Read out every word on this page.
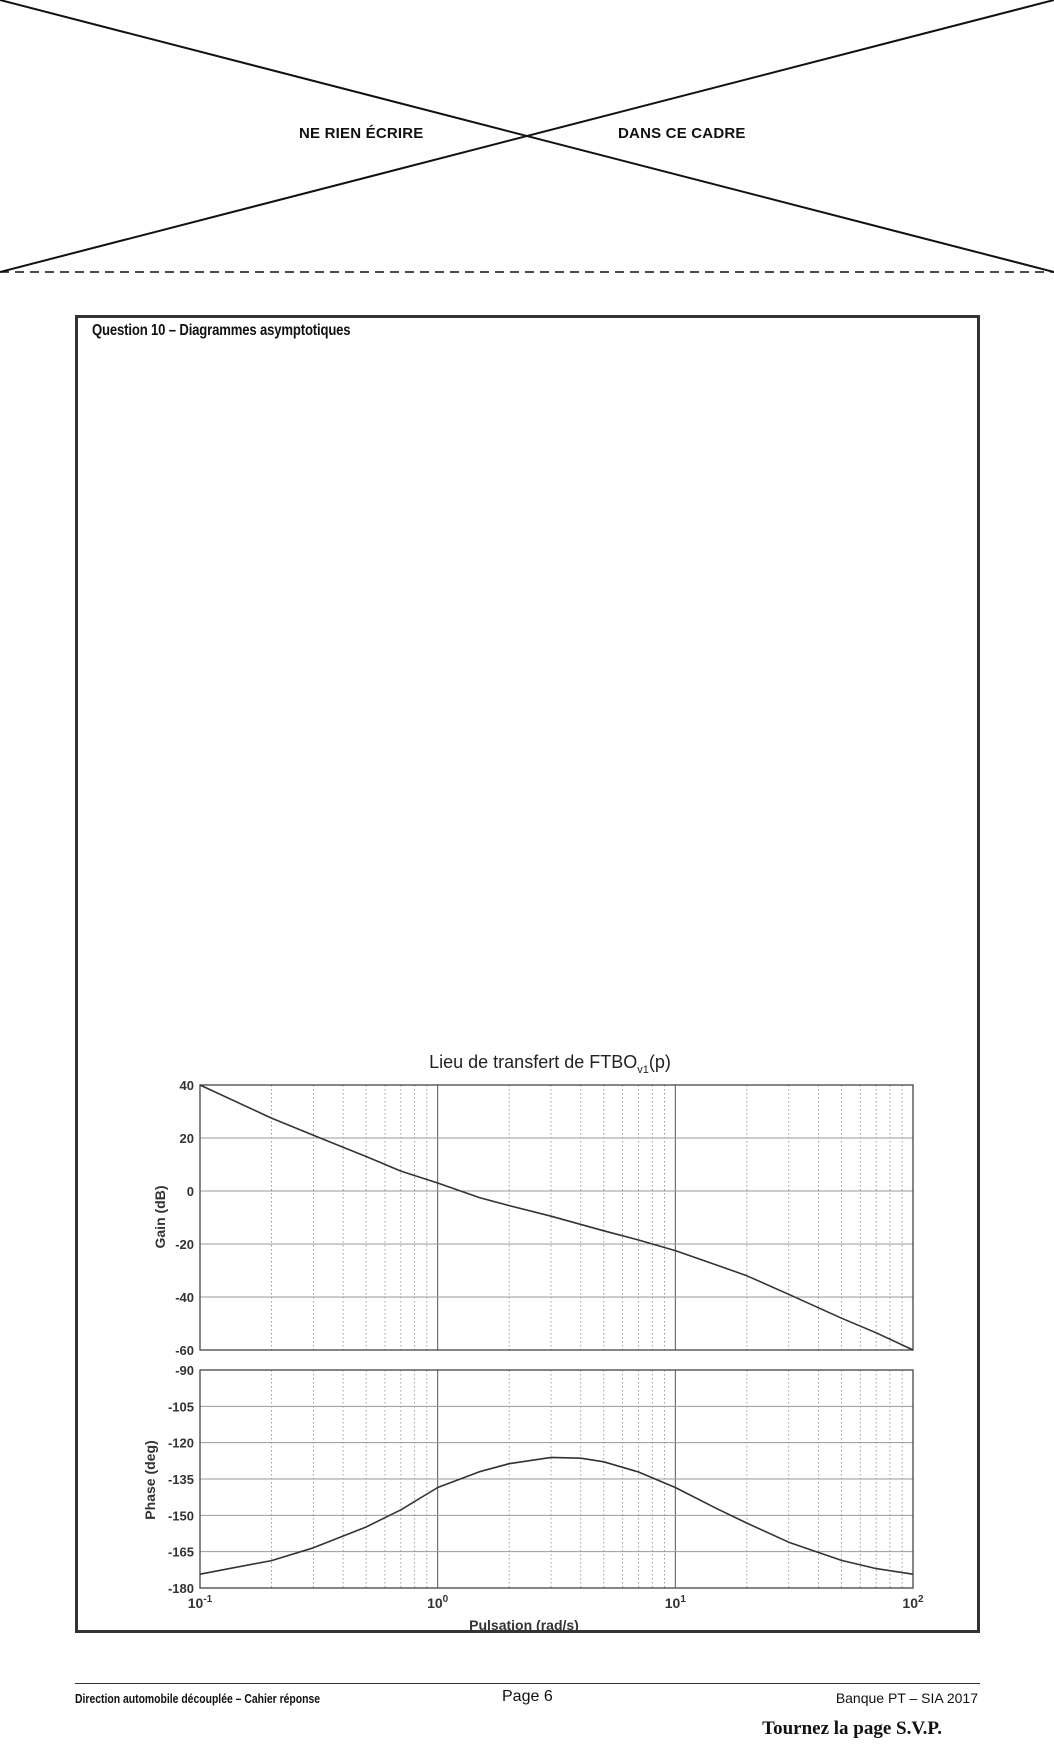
NE RIEN ÉCRIRE	DANS CE CADRE
Question 10 – Diagrammes asymptotiques
Lieu de transfert de $FTBO_{v1}(p)$
Pulsation (rad/s)
Gain (dB)
Phase (deg)
40
20
0
-20
-40
-60
-90
-105
-120
-135
-150
-165
-180
$10^{-1}$	$10^0$	$10^1$	$10^2$
Direction automobile découplée – Cahier réponse	Page 6	Banque PT – SIA 2017
Tournez la page S.V.P.
